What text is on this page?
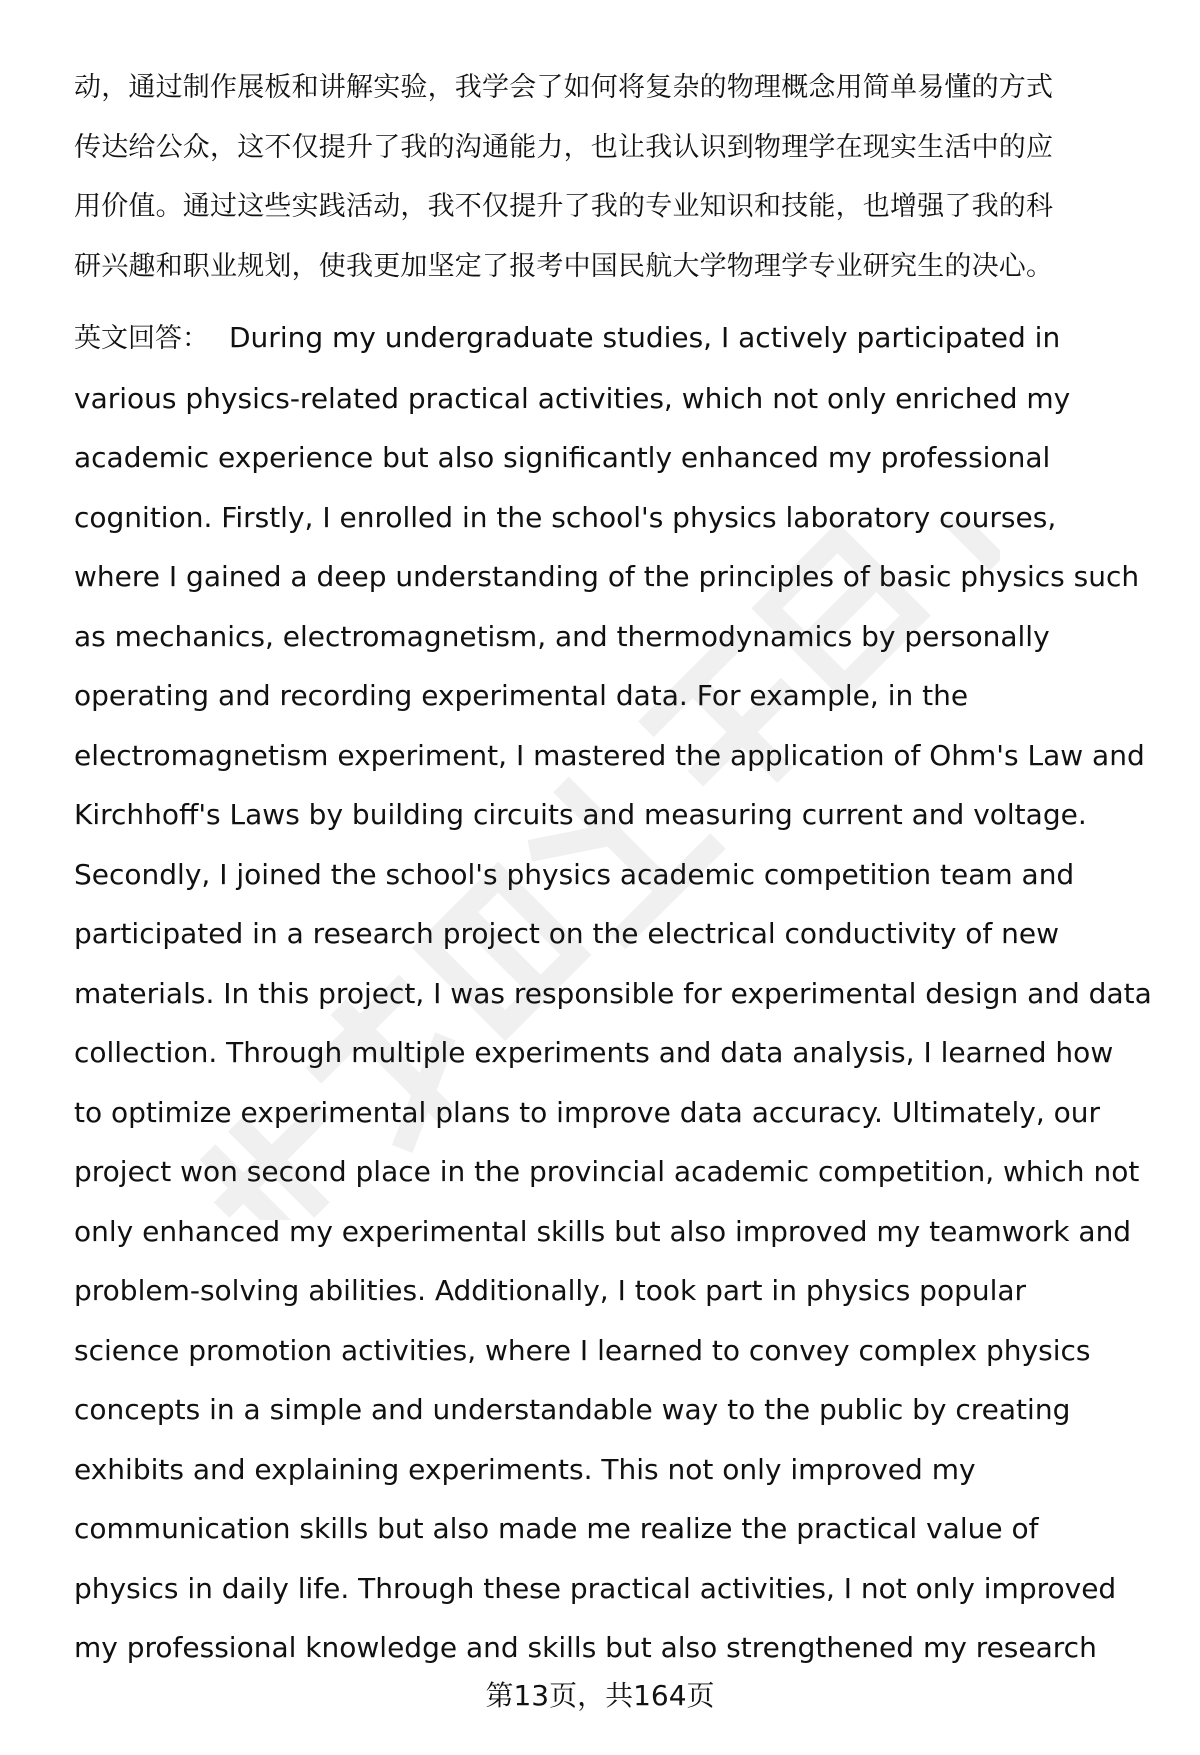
动，通过制作展板和讲解实验，我学会了如何将复杂的物理概念用简单易懂的方式
传达给公众，这不仅提升了我的沟通能力，也让我认识到物理学在现实生活中的应
用价值。通过这些实践活动，我不仅提升了我的专业知识和技能，也增强了我的科
研兴趣和职业规划，使我更加坚定了报考中国民航大学物理学专业研究生的决心。

英文回答： During my undergraduate studies, I actively participated in
various physics-related practical activities, which not only enriched my
academic experience but also significantly enhanced my professional
cognition. Firstly, I enrolled in the school's physics laboratory courses,
where I gained a deep understanding of the principles of basic physics such
as mechanics, electromagnetism, and thermodynamics by personally
operating and recording experimental data. For example, in the
electromagnetism experiment, I mastered the application of Ohm's Law and
Kirchhoff's Laws by building circuits and measuring current and voltage.
Secondly, I joined the school's physics academic competition team and
participated in a research project on the electrical conductivity of new
materials. In this project, I was responsible for experimental design and data
collection. Through multiple experiments and data analysis, I learned how
to optimize experimental plans to improve data accuracy. Ultimately, our
project won second place in the provincial academic competition, which not
only enhanced my experimental skills but also improved my teamwork and
problem-solving abilities. Additionally, I took part in physics popular
science promotion activities, where I learned to convey complex physics
concepts in a simple and understandable way to the public by creating
exhibits and explaining experiments. This not only improved my
communication skills but also made me realize the practical value of
physics in daily life. Through these practical activities, I not only improved
my professional knowledge and skills but also strengthened my research

第13页，共164页
